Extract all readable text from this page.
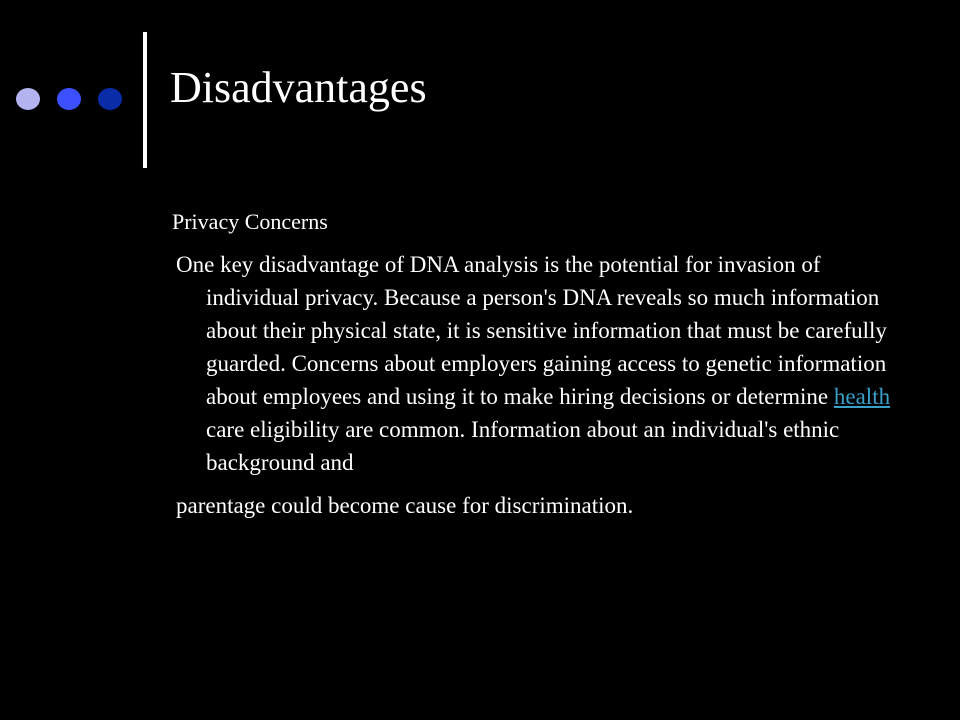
Disadvantages
Privacy Concerns

One key disadvantage of DNA analysis is the potential for invasion of individual privacy. Because a person's DNA reveals so much information about their physical state, it is sensitive information that must be carefully guarded. Concerns about employers gaining access to genetic information about employees and using it to make hiring decisions or determine health care eligibility are common. Information about an individual's ethnic background and
parentage could become cause for discrimination.
